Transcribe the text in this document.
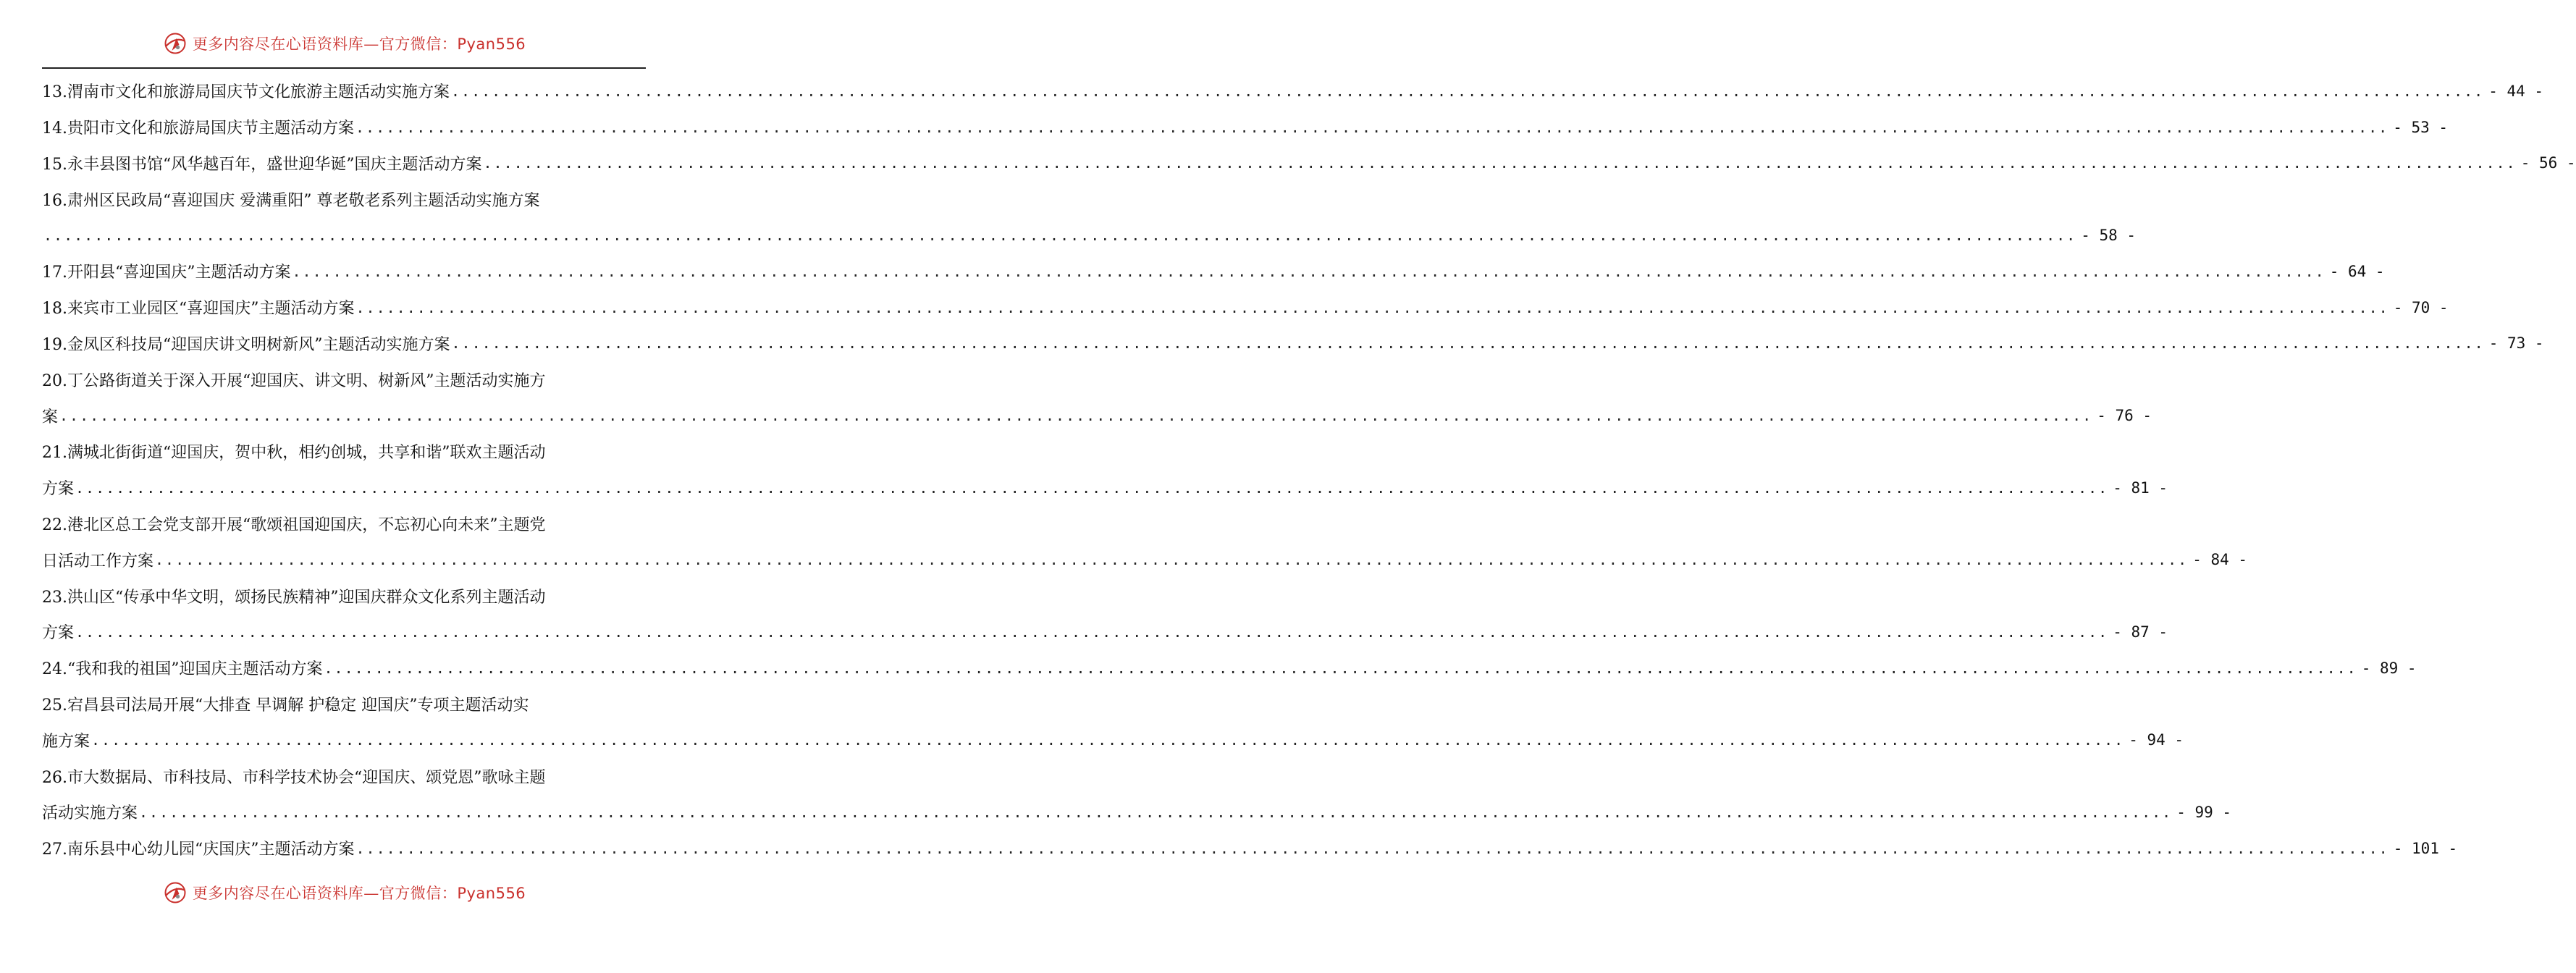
更多内容尽在心语资料库—官方微信：Pyan556
13.渭南市文化和旅游局国庆节文化旅游主题活动实施方案 ........................................................................................................................................................................................................ - 44 -
14.贵阳市文化和旅游局国庆节主题活动方案 ........................................................................................................................................................................................................ - 53 -
15.永丰县图书馆“风华越百年，盛世迎华诞”国庆主题活动方案 ........................................................................................................................................................................................................ - 56 -
16.肃州区民政局“喜迎国庆 爱满重阳” 尊老敬老系列主题活动实施方案
........................................................................................................................................................................................................ - 58 -
17.开阳县“喜迎国庆”主题活动方案 ........................................................................................................................................................................................................ - 64 -
18.来宾市工业园区“喜迎国庆”主题活动方案 ........................................................................................................................................................................................................ - 70 -
19.金凤区科技局“迎国庆讲文明树新风”主题活动实施方案 ........................................................................................................................................................................................................ - 73 -
20.丁公路街道关于深入开展“迎国庆、讲文明、树新风”主题活动实施方
案 ........................................................................................................................................................................................................ - 76 -
21.满城北街街道“迎国庆，贺中秋，相约创城，共享和谐”联欢主题活动
方案 ........................................................................................................................................................................................................ - 81 -
22.港北区总工会党支部开展“歌颂祖国迎国庆，不忘初心向未来”主题党
日活动工作方案 ........................................................................................................................................................................................................ - 84 -
23.洪山区“传承中华文明，颂扬民族精神”迎国庆群众文化系列主题活动
方案 ........................................................................................................................................................................................................ - 87 -
24.“我和我的祖国”迎国庆主题活动方案 ........................................................................................................................................................................................................ - 89 -
25.宕昌县司法局开展“大排查 早调解 护稳定 迎国庆”专项主题活动实
施方案 ........................................................................................................................................................................................................ - 94 -
26.市大数据局、市科技局、市科学技术协会“迎国庆、颂党恩”歌咏主题
活动实施方案 ........................................................................................................................................................................................................ - 99 -
27.南乐县中心幼儿园“庆国庆”主题活动方案 ........................................................................................................................................................................................................ - 101 -
更多内容尽在心语资料库—官方微信：Pyan556
